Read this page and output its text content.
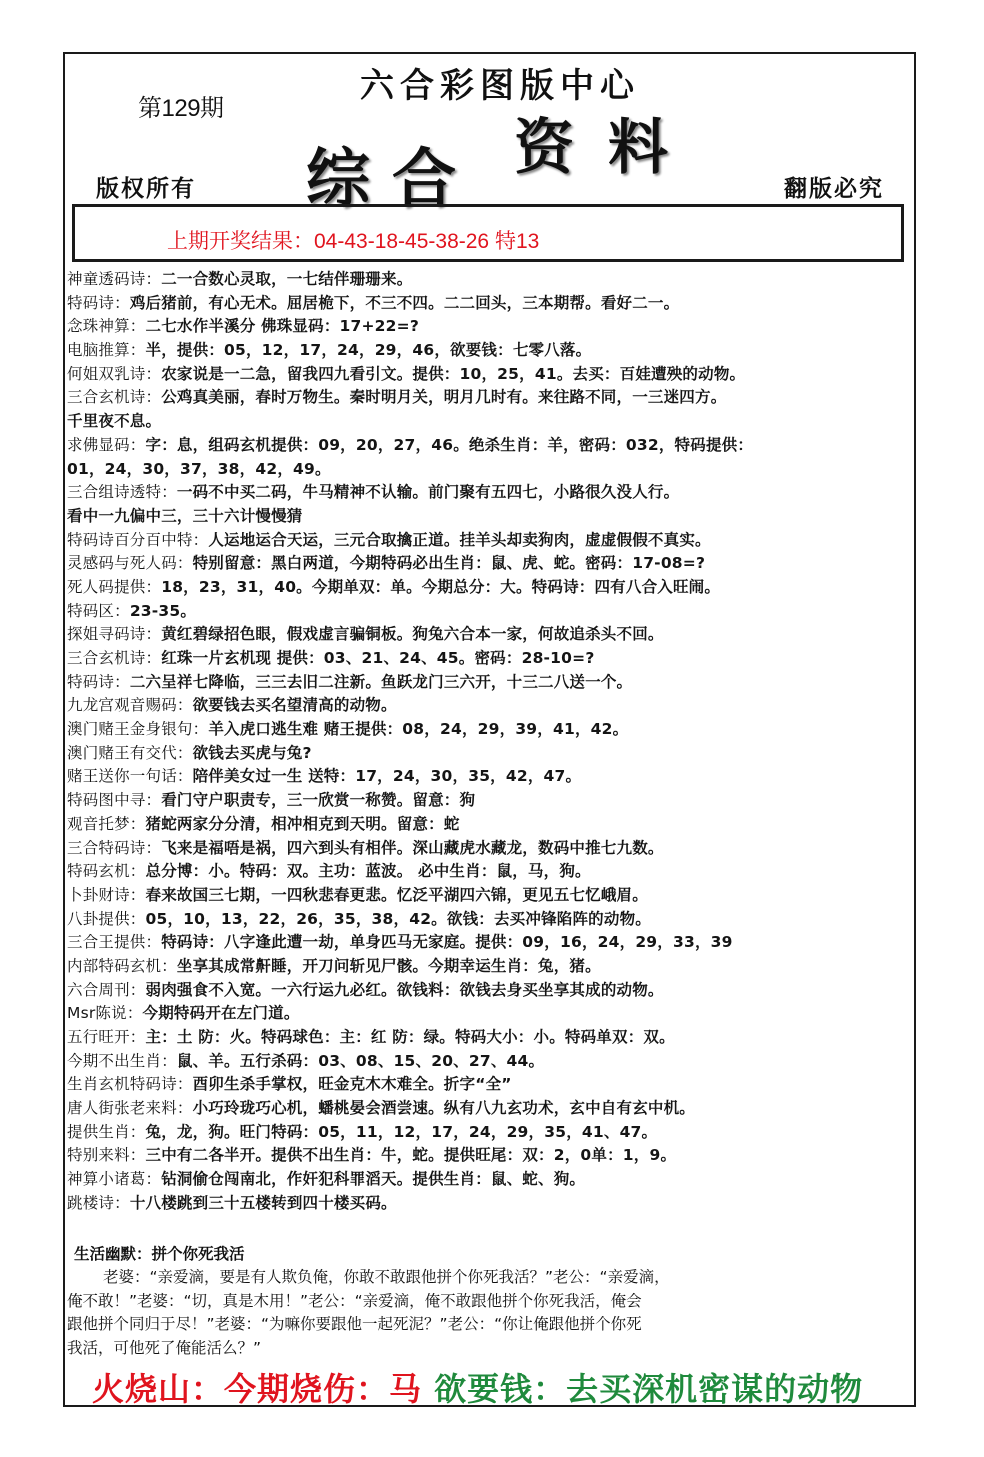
第129期
六合彩图版中心
综合 资料
版权所有	翻版必究
上期开奖结果：04-43-18-45-38-26 特13
神童透码诗：二一合数心灵取，一七结伴珊珊来。
特码诗：鸡后猪前，有心无术。屈居桅下，不三不四。二二回头，三本期帮。看好二一。
念珠神算：二七水作半溪分 佛珠显码：17+22=?
电脑推算：半，提供：05，12，17，24，29，46，欲要钱：七零八落。
何姐双乳诗：农家说是一二急，留我四九看引文。提供：10，25，41。去买：百娃遭殃的动物。
三合玄机诗：公鸡真美丽，春时万物生。秦时明月关，明月几时有。来往路不同，一三迷四方。
千里夜不息。
求佛显码：字：息，组码玄机提供：09，20，27，46。绝杀生肖：羊，密码：032，特码提供：
01，24，30，37，38，42，49。
三合组诗透特：一码不中买二码，牛马精神不认输。前门聚有五四七，小路很久没人行。
看中一九偏中三，三十六计慢慢猜
特码诗百分百中特：人运地运合天运，三元合取擒正道。挂羊头却卖狗肉，虚虚假假不真实。
灵感码与死人码：特别留意：黑白两道，今期特码必出生肖：鼠、虎、蛇。密码：17-08=?
死人码提供：18，23，31，40。今期单双：单。今期总分：大。特码诗：四有八合入旺闹。
特码区：23-35。
探姐寻码诗：黄红碧绿招色眼，假戏虚言骗铜板。狗兔六合本一家，何故追杀头不回。
三合玄机诗：红珠一片玄机现 提供：03、21、24、45。密码：28-10=?
特码诗：二六呈祥七降临，三三去旧二注新。鱼跃龙门三六开，十三二八送一个。
九龙宫观音赐码：欲要钱去买名望清高的动物。
澳门赌王金身银句：羊入虎口逃生难 赌王提供：08，24，29，39，41，42。
澳门赌王有交代：欲钱去买虎与兔?
赌王送你一句话：陪伴美女过一生 送特：17，24，30，35，42，47。
特码图中寻：看门守户职责专，三一欣赏一称赞。留意：狗
观音托梦：猪蛇两家分分清，相冲相克到天明。留意：蛇
三合特码诗：飞来是福唔是祸，四六到头有相伴。深山藏虎水藏龙，数码中推七九数。
特码玄机：总分博：小。特码：双。主功：蓝波。 必中生肖：鼠，马，狗。
卜卦财诗：春来故国三七期，一四秋悲春更悲。忆泛平湖四六锦，更见五七忆峨眉。
八卦提供：05，10，13，22，26，35，38，42。欲钱：去买冲锋陷阵的动物。
三合王提供：特码诗：八字逢此遭一劫，单身匹马无家庭。提供：09，16，24，29，33，39
内部特码玄机：坐享其成常鼾睡，开刀问斩见尸骸。今期幸运生肖：兔，猪。
六合周刊：弱肉强食不入宽。一六行运九必红。欲钱料：欲钱去身买坐享其成的动物。
Msr陈说：今期特码开在左门道。
五行旺开：主：土 防：火。特码球色：主：红 防：绿。特码大小：小。特码单双：双。
今期不出生肖：鼠、羊。五行杀码：03、08、15、20、27、44。
生肖玄机特码诗：酉卯生杀手掌权，旺金克木木难全。折字“全”
唐人街张老来料：小巧玲珑巧心机，蟠桃晏会酒尝速。纵有八九玄功术，玄中自有玄中机。
提供生肖：兔，龙，狗。旺门特码：05，11，12，17，24，29，35，41、47。
特别来料：三中有二各半开。提供不出生肖：牛，蛇。提供旺尾：双：2，0单：1，9。
神算小诸葛：钻洞偷仓闯南北，作奸犯科罪滔天。提供生肖：鼠、蛇、狗。
跳楼诗：十八楼跳到三十五楼转到四十楼买码。
生活幽默：拼个你死我活
老婆：“亲爱滴，要是有人欺负俺，你敢不敢跟他拼个你死我活？”老公：“亲爱滴，
俺不敢！”老婆：“切，真是木用！”老公：“亲爱滴，俺不敢跟他拼个你死我活，俺会
跟他拼个同归于尽！”老婆：“为嘛你要跟他一起死泥？”老公：“你让俺跟他拼个你死
我活，可他死了俺能活么？”
火烧山：今期烧伤：马 欲要钱：去买深机密谋的动物
